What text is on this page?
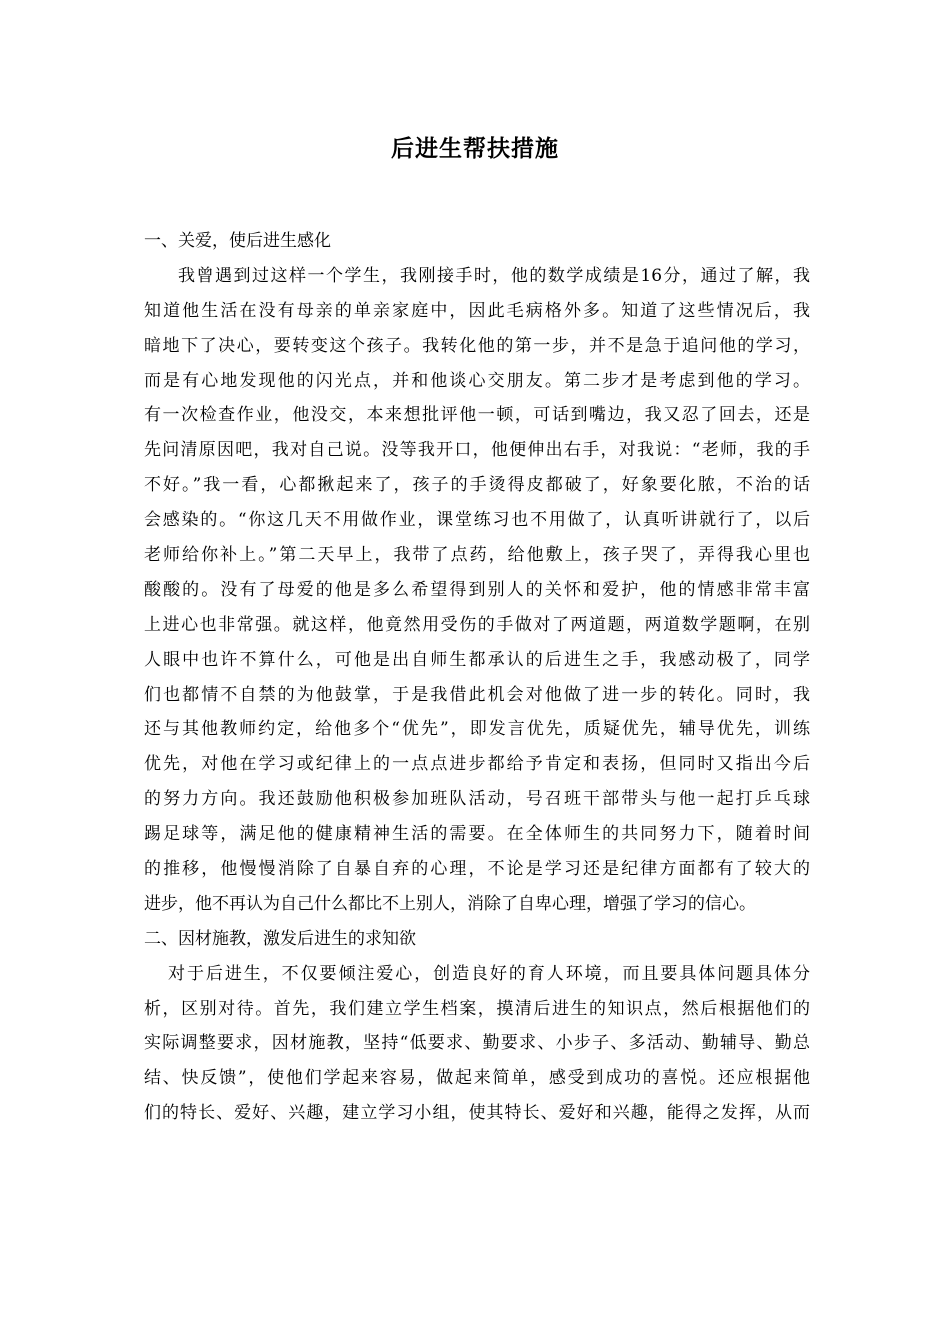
后进生帮扶措施
一、关爱，使后进生感化
我曾遇到过这样一个学生，我刚接手时，他的数学成绩是16分，通过了解，我
知道他生活在没有母亲的单亲家庭中，因此毛病格外多。知道了这些情况后，我
暗地下了决心，要转变这个孩子。我转化他的第一步，并不是急于追问他的学习，
而是有心地发现他的闪光点，并和他谈心交朋友。第二步才是考虑到他的学习。
有一次检查作业，他没交，本来想批评他一顿，可话到嘴边，我又忍了回去，还是
先问清原因吧，我对自己说。没等我开口，他便伸出右手，对我说：“老师，我的手
不好。”我一看，心都揪起来了，孩子的手烫得皮都破了，好象要化脓，不治的话
会感染的。“你这几天不用做作业，课堂练习也不用做了，认真听讲就行了，以后
老师给你补上。”第二天早上，我带了点药，给他敷上，孩子哭了，弄得我心里也
酸酸的。没有了母爱的他是多么希望得到别人的关怀和爱护，他的情感非常丰富
上进心也非常强。就这样，他竟然用受伤的手做对了两道题，两道数学题啊，在别
人眼中也许不算什么，可他是出自师生都承认的后进生之手，我感动极了，同学
们也都情不自禁的为他鼓掌，于是我借此机会对他做了进一步的转化。同时，我
还与其他教师约定，给他多个“优先”，即发言优先，质疑优先，辅导优先，训练
优先，对他在学习或纪律上的一点点进步都给予肯定和表扬，但同时又指出今后
的努力方向。我还鼓励他积极参加班队活动，号召班干部带头与他一起打乒乓球
踢足球等，满足他的健康精神生活的需要。在全体师生的共同努力下，随着时间
的推移，他慢慢消除了自暴自弃的心理，不论是学习还是纪律方面都有了较大的
进步，他不再认为自己什么都比不上别人，消除了自卑心理，增强了学习的信心。
二、因材施教，激发后进生的求知欲
对于后进生，不仅要倾注爱心，创造良好的育人环境，而且要具体问题具体分
析，区别对待。首先，我们建立学生档案，摸清后进生的知识点，然后根据他们的
实际调整要求，因材施教，坚持“低要求、勤要求、小步子、多活动、勤辅导、勤总
结、快反馈”，使他们学起来容易，做起来简单，感受到成功的喜悦。还应根据他
们的特长、爱好、兴趣，建立学习小组，使其特长、爱好和兴趣，能得之发挥，从而
